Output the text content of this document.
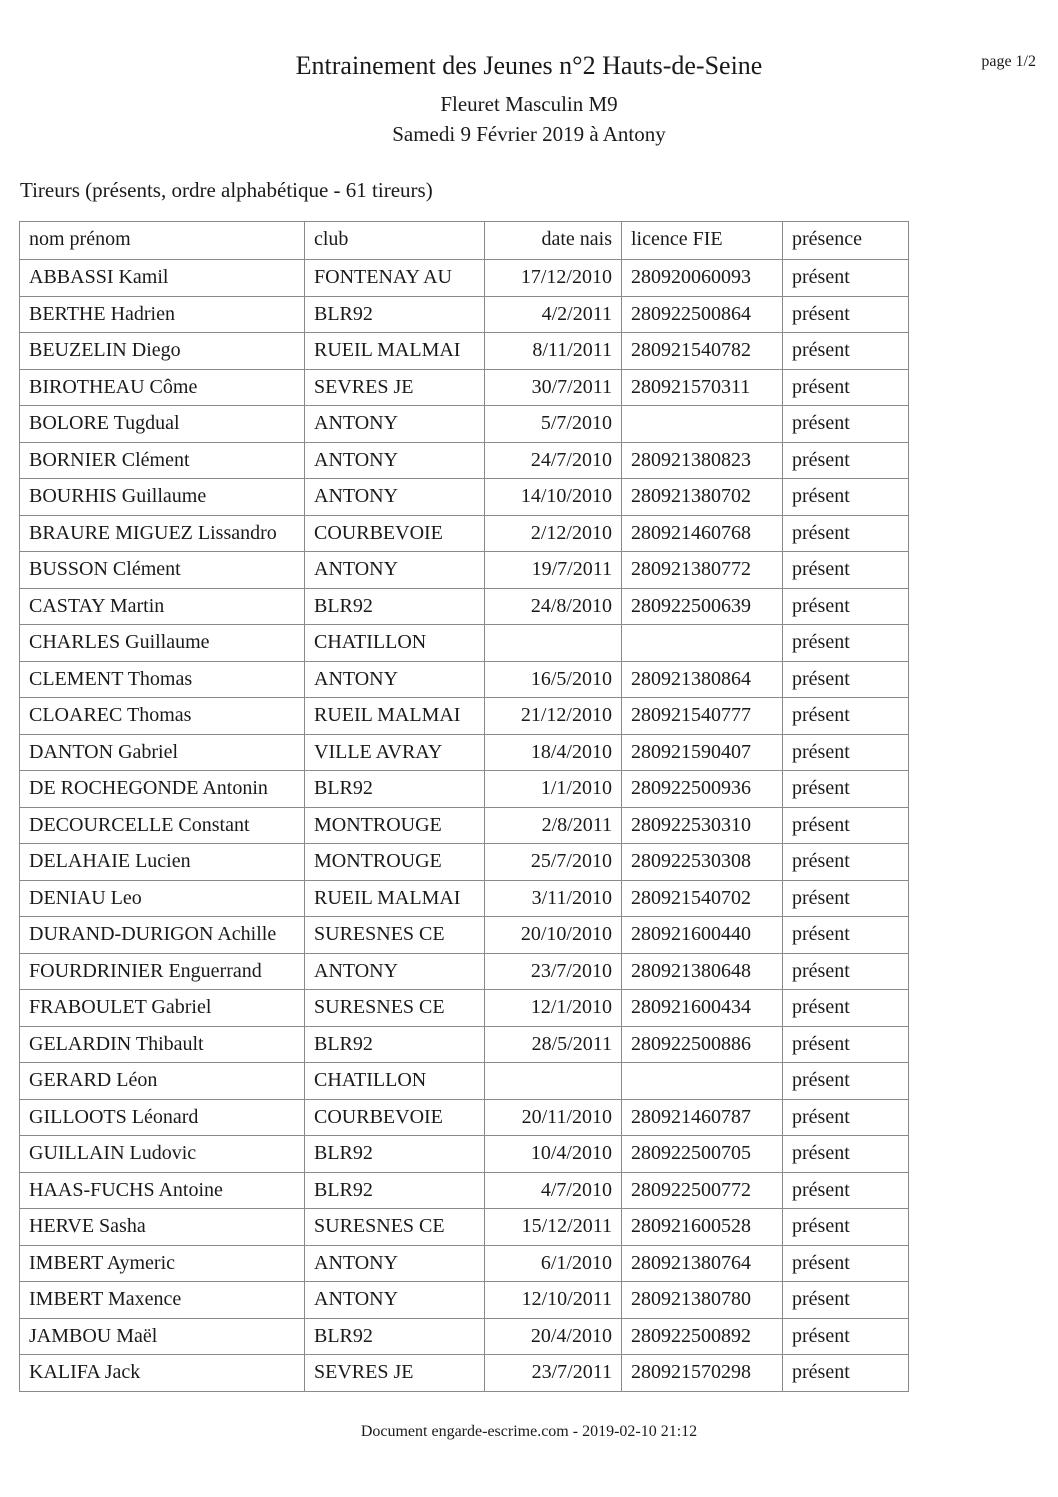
Entrainement des Jeunes n°2 Hauts-de-Seine
Fleuret Masculin M9
Samedi 9 Février 2019 à Antony
page 1/2
Tireurs (présents, ordre alphabétique - 61 tireurs)
nom prénom	club	date nais	licence FIE	présence
ABBASSI Kamil	FONTENAY AU	17/12/2010	280920060093	présent
BERTHE Hadrien	BLR92	4/2/2011	280922500864	présent
BEUZELIN Diego	RUEIL MALMAI	8/11/2011	280921540782	présent
BIROTHEAU Côme	SEVRES JE	30/7/2011	280921570311	présent
BOLORE Tugdual	ANTONY	5/7/2010		présent
BORNIER Clément	ANTONY	24/7/2010	280921380823	présent
BOURHIS Guillaume	ANTONY	14/10/2010	280921380702	présent
BRAURE MIGUEZ Lissandro	COURBEVOIE	2/12/2010	280921460768	présent
BUSSON Clément	ANTONY	19/7/2011	280921380772	présent
CASTAY Martin	BLR92	24/8/2010	280922500639	présent
CHARLES Guillaume	CHATILLON			présent
CLEMENT Thomas	ANTONY	16/5/2010	280921380864	présent
CLOAREC Thomas	RUEIL MALMAI	21/12/2010	280921540777	présent
DANTON Gabriel	VILLE AVRAY	18/4/2010	280921590407	présent
DE ROCHEGONDE Antonin	BLR92	1/1/2010	280922500936	présent
DECOURCELLE Constant	MONTROUGE	2/8/2011	280922530310	présent
DELAHAIE Lucien	MONTROUGE	25/7/2010	280922530308	présent
DENIAU Leo	RUEIL MALMAI	3/11/2010	280921540702	présent
DURAND-DURIGON Achille	SURESNES CE	20/10/2010	280921600440	présent
FOURDRINIER Enguerrand	ANTONY	23/7/2010	280921380648	présent
FRABOULET Gabriel	SURESNES CE	12/1/2010	280921600434	présent
GELARDIN Thibault	BLR92	28/5/2011	280922500886	présent
GERARD Léon	CHATILLON			présent
GILLOOTS Léonard	COURBEVOIE	20/11/2010	280921460787	présent
GUILLAIN Ludovic	BLR92	10/4/2010	280922500705	présent
HAAS-FUCHS Antoine	BLR92	4/7/2010	280922500772	présent
HERVE Sasha	SURESNES CE	15/12/2011	280921600528	présent
IMBERT Aymeric	ANTONY	6/1/2010	280921380764	présent
IMBERT Maxence	ANTONY	12/10/2011	280921380780	présent
JAMBOU Maël	BLR92	20/4/2010	280922500892	présent
KALIFA Jack	SEVRES JE	23/7/2011	280921570298	présent
Document engarde-escrime.com - 2019-02-10 21:12
